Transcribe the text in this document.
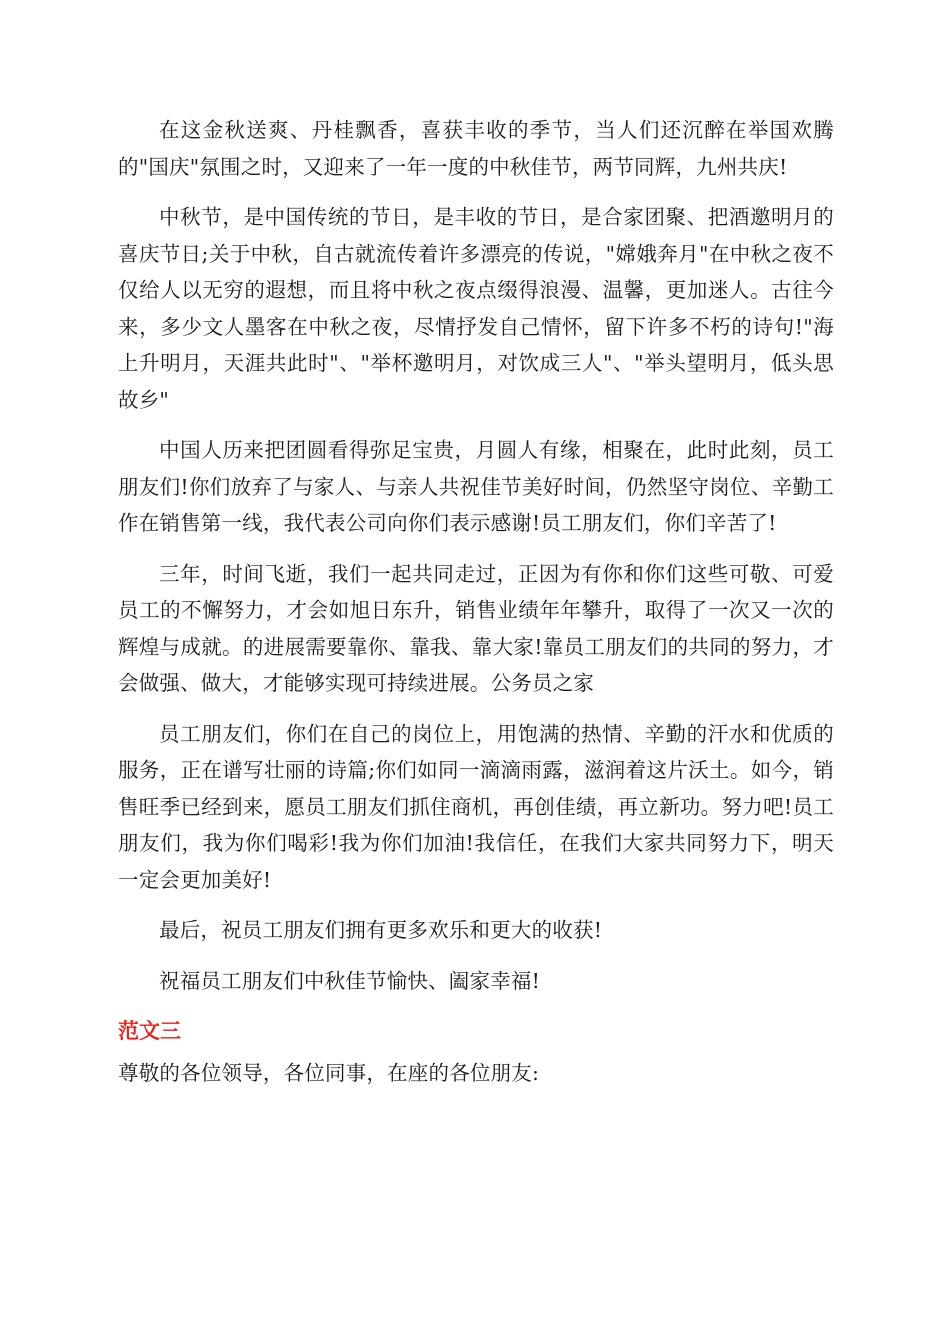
在这金秋送爽、丹桂飘香，喜获丰收的季节，当人们还沉醉在举国欢腾的"国庆"氛围之时，又迎来了一年一度的中秋佳节，两节同辉，九州共庆!

中秋节，是中国传统的节日，是丰收的节日，是合家团聚、把酒邀明月的喜庆节日;关于中秋，自古就流传着许多漂亮的传说，"嫦娥奔月"在中秋之夜不仅给人以无穷的遐想，而且将中秋之夜点缀得浪漫、温馨，更加迷人。古往今来，多少文人墨客在中秋之夜，尽情抒发自己情怀，留下许多不朽的诗句!"海上升明月，天涯共此时"、"举杯邀明月，对饮成三人"、"举头望明月，低头思故乡"

中国人历来把团圆看得弥足宝贵，月圆人有缘，相聚在，此时此刻，员工朋友们!你们放弃了与家人、与亲人共祝佳节美好时间，仍然坚守岗位、辛勤工作在销售第一线，我代表公司向你们表示感谢!员工朋友们，你们辛苦了!

三年，时间飞逝，我们一起共同走过，正因为有你和你们这些可敬、可爱员工的不懈努力，才会如旭日东升，销售业绩年年攀升，取得了一次又一次的辉煌与成就。的进展需要靠你、靠我、靠大家!靠员工朋友们的共同的努力，才会做强、做大，才能够实现可持续进展。公务员之家

员工朋友们，你们在自己的岗位上，用饱满的热情、辛勤的汗水和优质的服务，正在谱写壮丽的诗篇;你们如同一滴滴雨露，滋润着这片沃土。如今，销售旺季已经到来，愿员工朋友们抓住商机，再创佳绩，再立新功。努力吧!员工朋友们，我为你们喝彩!我为你们加油!我信任，在我们大家共同努力下，明天一定会更加美好!

最后，祝员工朋友们拥有更多欢乐和更大的收获!

祝福员工朋友们中秋佳节愉快、阖家幸福!

范文三

尊敬的各位领导，各位同事，在座的各位朋友:
